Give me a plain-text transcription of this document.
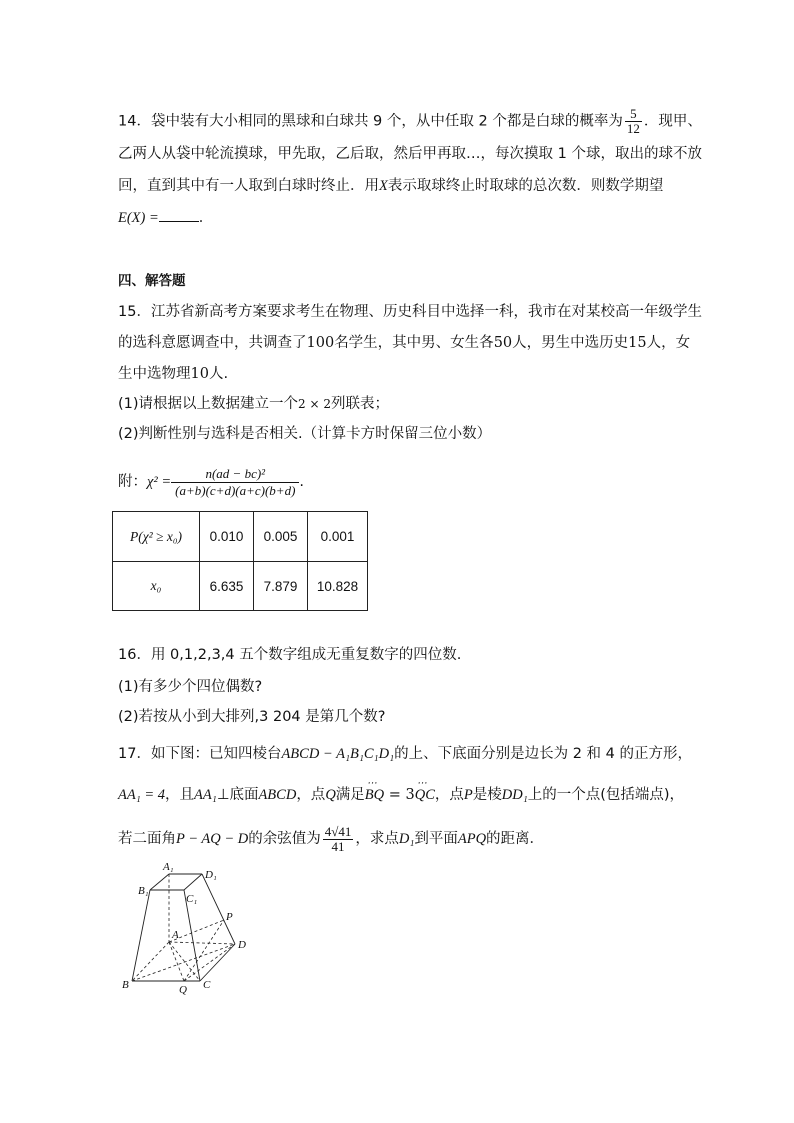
14．袋中装有大小相同的黑球和白球共 9 个，从中任取 2 个都是白球的概率为 $\frac{5}{12}$ ．现甲、
乙两人从袋中轮流摸球，甲先取，乙后取，然后甲再取…，每次摸取 1 个球，取出的球不放
回，直到其中有一人取到白球时终止．用X表示取球终止时取球的总次数．则数学期望
E(X) =	．
四、解答题
15．江苏省新高考方案要求考生在物理、历史科目中选择一科，我市在对某校高一年级学生
的选科意愿调查中，共调查了100名学生，其中男、女生各50人，男生中选历史15人，女
生中选物理10人.
(1)请根据以上数据建立一个2 × 2列联表；
(2)判断性别与选科是否相关.（计算卡方时保留三位小数）
附：$\chi^2 = \frac{\text{n(ad − bc)²}}{(a+b)(c+d)(a+c)(b+d)}$ .
P(χ² ≥ x₀)	0.010	0.005	0.001
x₀	6.635	7.879	10.828
16．用 0,1,2,3,4 五个数字组成无重复数字的四位数.
(1)有多少个四位偶数?
(2)若按从小到大排列,3 204 是第几个数?
17．如下图：已知四棱台ABCD − A₁B₁C₁D₁的上、下底面分别是边长为 2 和 4 的正方形，
AA₁ = 4，且AA₁⊥底面ABCD，点Q满足⋯ BQ = 3⋯ QC，点P是棱DD₁上的一个点(包括端点)，
若二面角P − AQ − D的余弦值为 $\frac{4√41}{41}$ ，求点D₁到平面APQ的距离．
A₁
D₁
B₁
C₁
A
P
D
B	Q C
